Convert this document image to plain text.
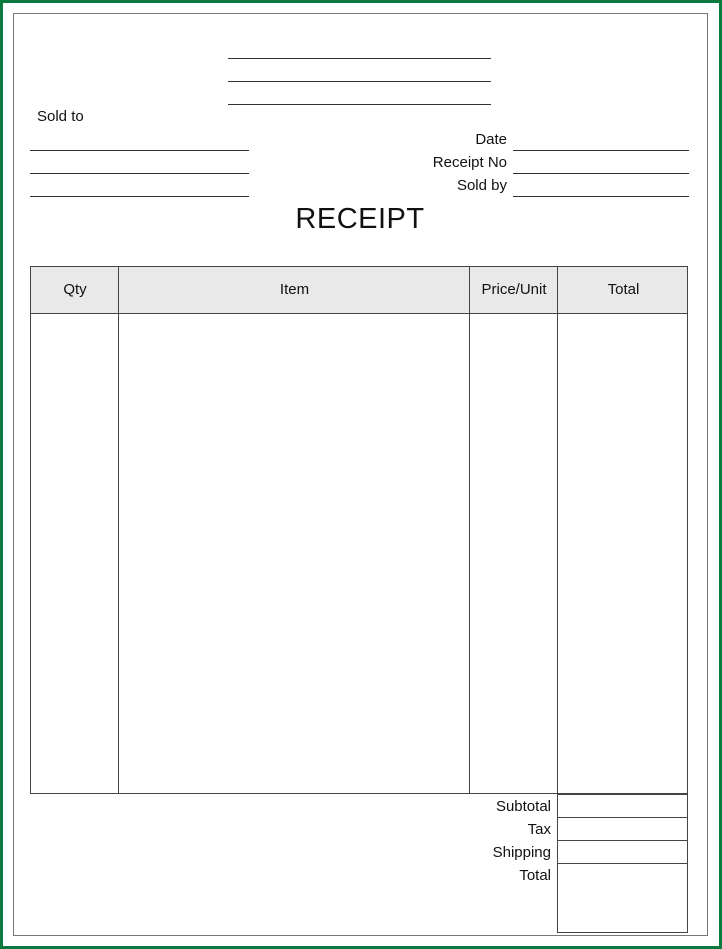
Sold to
Date
Receipt No
Sold by
RECEIPT
Qty	Item	Price/Unit	Total
Subtotal
Tax
Shipping
Total
